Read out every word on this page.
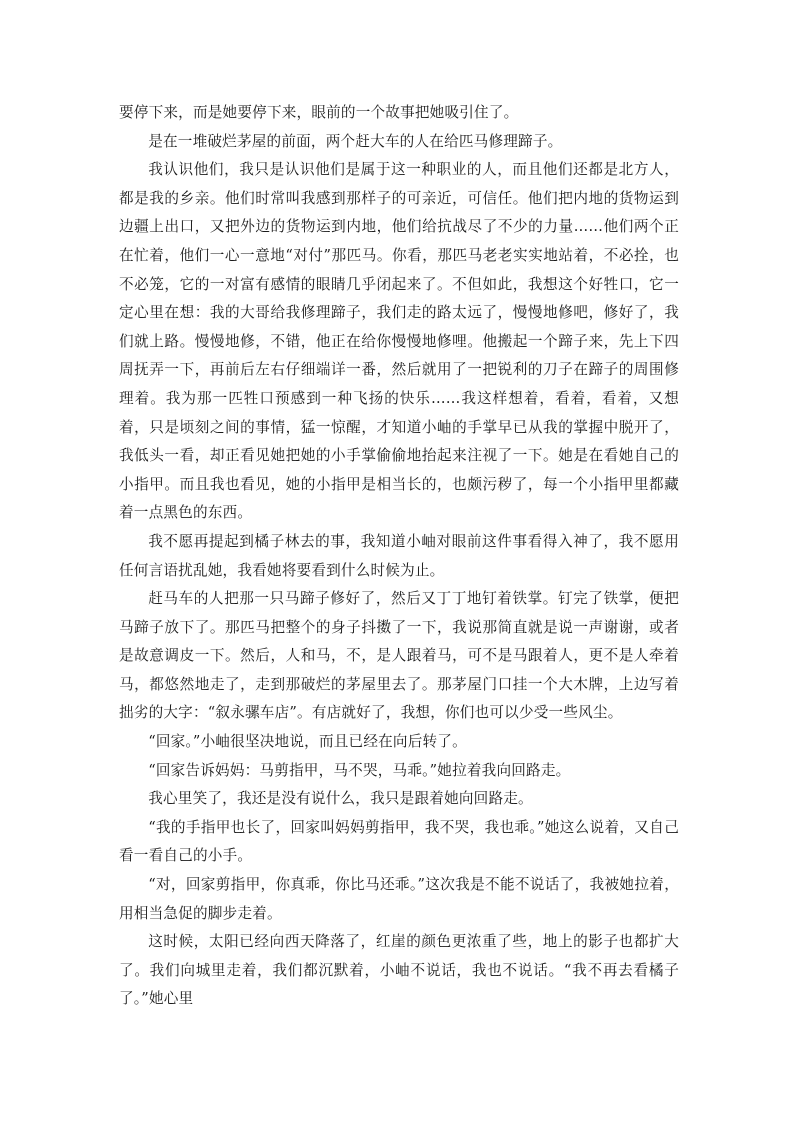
要停下来，而是她要停下来，眼前的一个故事把她吸引住了。

是在一堆破烂茅屋的前面，两个赶大车的人在给匹马修理蹄子。

我认识他们，我只是认识他们是属于这一种职业的人，而且他们还都是北方人，都是我的乡亲。他们时常叫我感到那样子的可亲近，可信任。他们把内地的货物运到边疆上出口，又把外边的货物运到内地，他们给抗战尽了不少的力量……他们两个正在忙着，他们一心一意地“对付”那匹马。你看，那匹马老老实实地站着，不必拴，也不必笼，它的一对富有感情的眼睛几乎闭起来了。不但如此，我想这个好牲口，它一定心里在想：我的大哥给我修理蹄子，我们走的路太远了，慢慢地修吧，修好了，我们就上路。慢慢地修，不错，他正在给你慢慢地修哩。他搬起一个蹄子来，先上下四周抚弄一下，再前后左右仔细端详一番，然后就用了一把锐利的刀子在蹄子的周围修理着。我为那一匹牲口预感到一种飞扬的快乐……我这样想着，看着，看着，又想着，只是顷刻之间的事情，猛一惊醒，才知道小岫的手掌早已从我的掌握中脱开了，我低头一看，却正看见她把她的小手掌偷偷地抬起来注视了一下。她是在看她自己的小指甲。而且我也看见，她的小指甲是相当长的，也颇污秽了，每一个小指甲里都藏着一点黑色的东西。

我不愿再提起到橘子林去的事，我知道小岫对眼前这件事看得入神了，我不愿用任何言语扰乱她，我看她将要看到什么时候为止。

赶马车的人把那一只马蹄子修好了，然后又丁丁地钉着铁掌。钉完了铁掌，便把马蹄子放下了。那匹马把整个的身子抖擞了一下，我说那简直就是说一声谢谢，或者是故意调皮一下。然后，人和马，不，是人跟着马，可不是马跟着人，更不是人牵着马，都悠然地走了，走到那破烂的茅屋里去了。那茅屋门口挂一个大木牌，上边写着拙劣的大字：“叙永骡车店”。有店就好了，我想，你们也可以少受一些风尘。

“回家。”小岫很坚决地说，而且已经在向后转了。

“回家告诉妈妈：马剪指甲，马不哭，马乖。”她拉着我向回路走。

我心里笑了，我还是没有说什么，我只是跟着她向回路走。

“我的手指甲也长了，回家叫妈妈剪指甲，我不哭，我也乖。”她这么说着，又自己看一看自己的小手。

“对，回家剪指甲，你真乖，你比马还乖。”这次我是不能不说话了，我被她拉着，用相当急促的脚步走着。

这时候，太阳已经向西天降落了，红崖的颜色更浓重了些，地上的影子也都扩大了。我们向城里走着，我们都沉默着，小岫不说话，我也不说话。“我不再去看橘子了。”她心里
